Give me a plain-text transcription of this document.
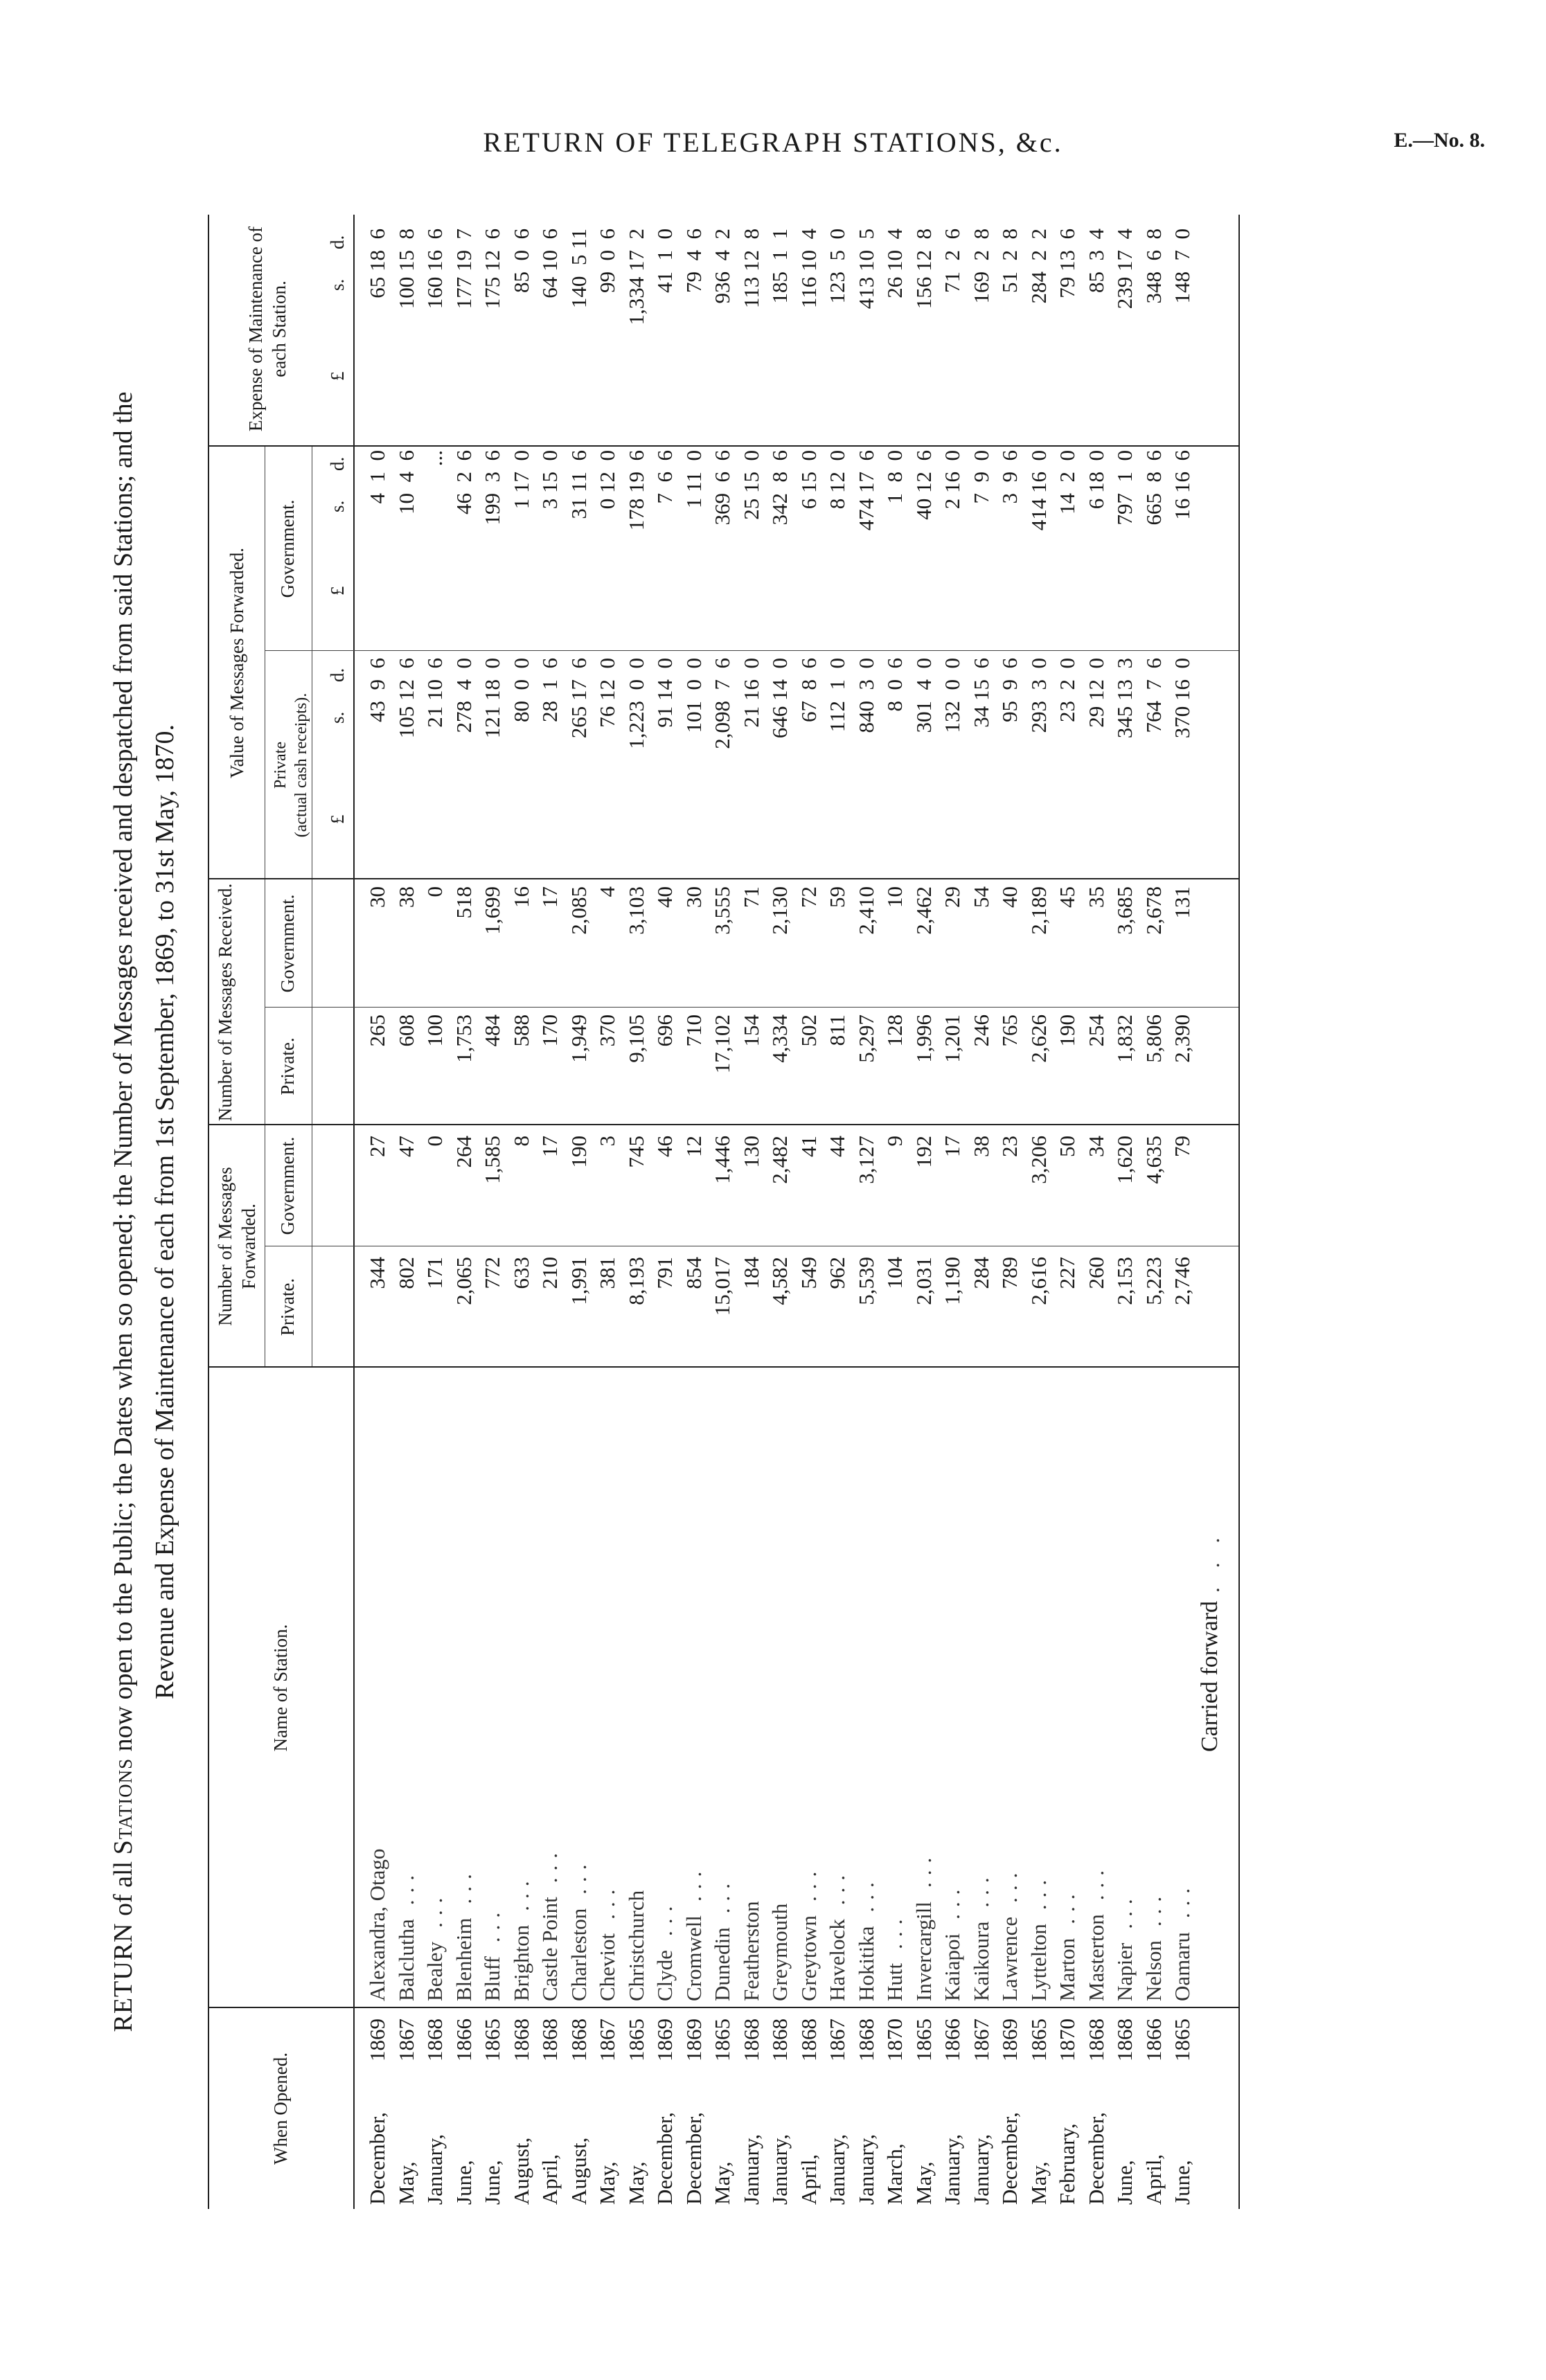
RETURN OF TELEGRAPH STATIONS, &c.	E.—No. 8.
RETURN of all Stations now open to the Public; the Dates when so opened; the Number of Messages received and despatched from said Stations; and the Revenue and Expense of Maintenance of each from 1st September, 1869, to 31st May, 1870.
When Opened.
Name of Station.
Number of Messages Forwarded.
Number of Messages Received.
Value of Messages Forwarded.
Expense of Maintenance of each Station.
Private.
Government.
Private.
Government.
Private (actual cash receipts).
Government.
£
s.
d.
£
s.
d.
£
s.
d.
December,
1869
344
27
265
30
43  9  6
4  1  0
65 18  6
Alexandra, Otago
May,
1867
802
47
608
38
105 12  6
10  4  6
100 15  8
Balclutha...
January,
1868
171
0
100
0
21 10  6
...
160 16  6
Bealey...
June,
1866
2,065
264
1,753
518
278  4  0
46  2  6
177 19  7
Blenheim...
June,
1865
772
1,585
484
1,699
121 18  0
199  3  6
175 12  6
Bluff...
August,
1868
633
8
588
16
80  0  0
1 17  0
85  0  6
Brighton...
April,
1868
210
17
170
17
28  1  6
3 15  0
64 10  6
Castle Point...
August,
1868
1,991
190
1,949
2,085
265 17  6
31 11  6
140  5 11
Charleston...
May,
1867
381
3
370
4
76 12  0
0 12  0
99  0  6
Cheviot...
May,
1865
8,193
745
9,105
3,103
1,223  0  0
178 19  6
1,334 17  2
Christchurch
December,
1869
791
46
696
40
91 14  0
7  6  6
41  1  0
Clyde...
December,
1869
854
12
710
30
101  0  0
1 11  0
79  4  6
Cromwell...
May,
1865
15,017
1,446
17,102
3,555
2,098  7  6
369  6  6
936  4  2
Dunedin...
January,
1868
184
130
154
71
21 16  0
25 15  0
113 12  8
Featherston
January,
1868
4,582
2,482
4,334
2,130
646 14  0
342  8  6
185  1  1
Greymouth
April,
1868
549
41
502
72
67  8  6
6 15  0
116 10  4
Greytown...
January,
1867
962
44
811
59
112  1  0
8 12  0
123  5  0
Havelock...
January,
1868
5,539
3,127
5,297
2,410
840  3  0
474 17  6
413 10  5
Hokitika...
March,
1870
104
9
128
10
8  0  6
1  8  0
26 10  4
Hutt...
May,
1865
2,031
192
1,996
2,462
301  4  0
40 12  6
156 12  8
Invercargill...
January,
1866
1,190
17
1,201
29
132  0  0
2 16  0
71  2  6
Kaiapoi...
January,
1867
284
38
246
54
34 15  6
7  9  0
169  2  8
Kaikoura...
December,
1869
789
23
765
40
95  9  6
3  9  6
51  2  8
Lawrence...
May,
1865
2,616
3,206
2,626
2,189
293  3  0
414 16  0
284  2  2
Lyttelton...
February,
1870
227
50
190
45
23  2  0
14  2  0
79 13  6
Marton...
December,
1868
260
34
254
35
29 12  0
6 18  0
85  3  4
Masterton...
June,
1868
2,153
1,620
1,832
3,685
345 13  3
797  1  0
239 17  4
Napier...
April,
1866
5,223
4,635
5,806
2,678
764  7  6
665  8  6
348  6  8
Nelson...
June,
1865
2,746
79
2,390
131
370 16  0
16 16  6
148  7  0
Oamaru...
Carried forward
...
